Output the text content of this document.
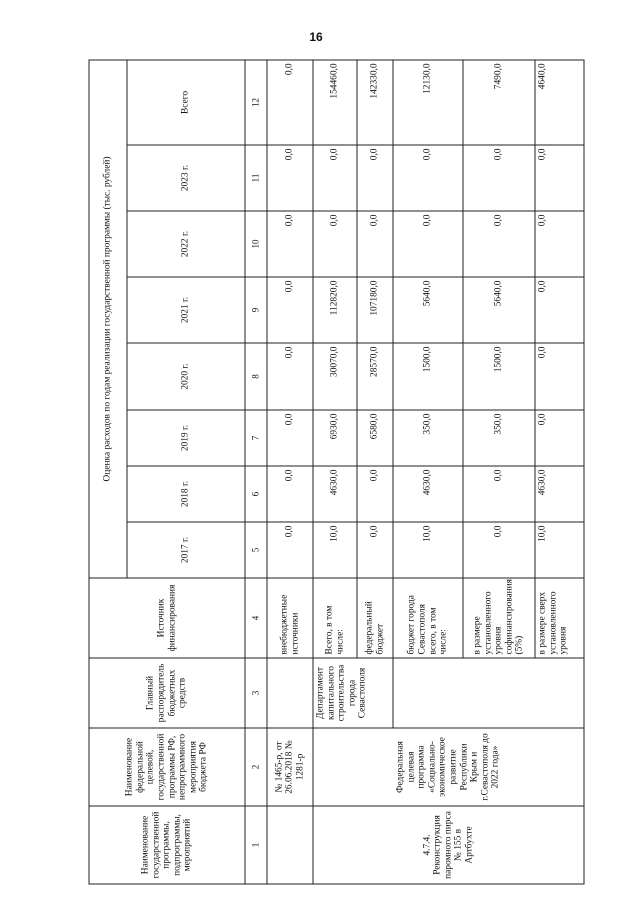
16
Наименование государственной программы, подпрограммы, мероприятий	Наименование федеральной целевой, государственной программы РФ, непрограммного мероприятия бюджета РФ	Главный распорядитель бюджетных средств	Источник финансирования	Оценка расходов по годам реализации государственной программы (тыс. рублей)							
				2017 г.	2018 г.	2019 г.	2020 г.	2021 г.	2022 г.	2023 г.	Всего
1	2	3	4	5	6	7	8	9	10	11	12
	№ 1465-р, от 26.06.2018 № 1281-р		внебюджетные источники	0,0	0,0	0,0	0,0	0,0	0,0	0,0	0,0
4.7.4. Реконструкция паромного пирса № 155 в Артбухте	Федеральная целевая программа «Социально-экономическое развитие Республики Крым и г.Севастополя до 2022 года»	Департамент капитального строительства города Севастополя	Всего, в том числе:	10,0	4630,0	6930,0	30070,0	112820,0	0,0	0,0	154460,0
			федеральный бюджет	0,0	0,0	6580,0	28570,0	107180,0	0,0	0,0	142330,0
			бюджет города Севастополя всего, в том числе:	10,0	4630,0	350,0	1500,0	5640,0	0,0	0,0	12130,0
			в размере установленного уровня софинансирования (5%)	0,0	0,0	350,0	1500,0	5640,0	0,0	0,0	7490,0
			в размере сверх установленного уровня	10,0	4630,0	0,0	0,0	0,0	0,0	0,0	4640,0
